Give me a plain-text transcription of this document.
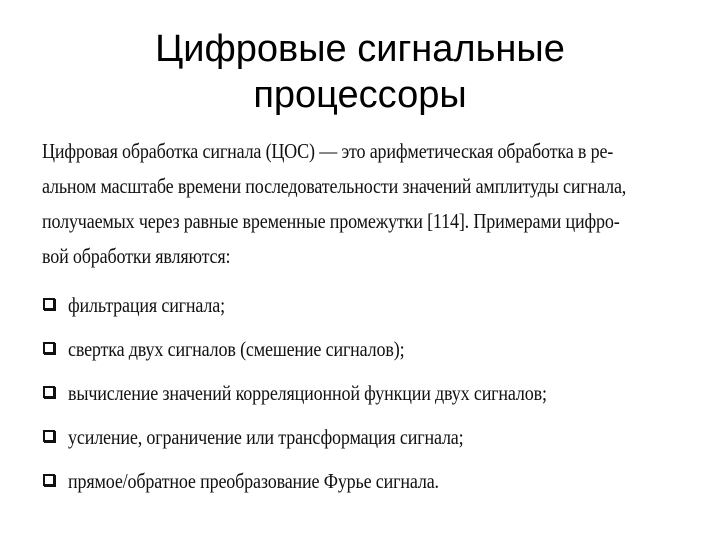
Цифровые сигнальные
процессоры
Цифровая обработка сигнала (ЦОС) — это арифметическая обработка в ре-
альном масштабе времени последовательности значений амплитуды сигнала,
получаемых через равные временные промежутки [114]. Примерами цифро-
вой обработки являются:
фильтрация сигнала;
свертка двух сигналов (смешение сигналов);
вычисление значений корреляционной функции двух сигналов;
усиление, ограничение или трансформация сигнала;
прямое/обратное преобразование Фурье сигнала.
